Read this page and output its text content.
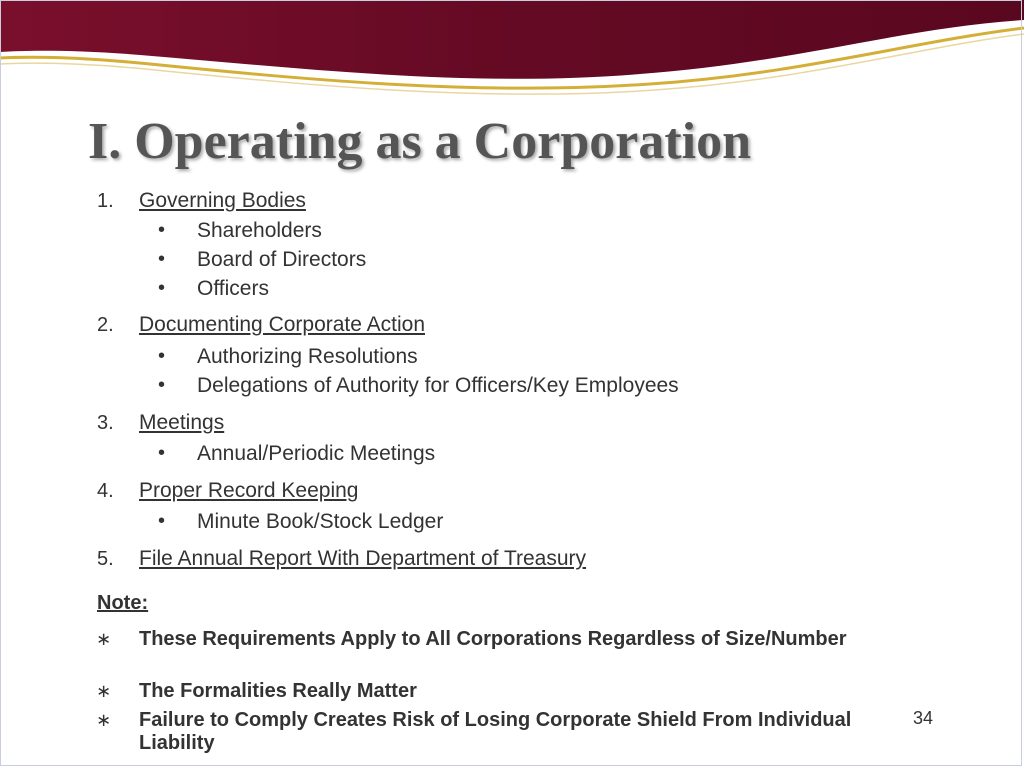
I. Operating as a Corporation
1. Governing Bodies
• Shareholders
• Board of Directors
• Officers
2. Documenting Corporate Action
• Authorizing Resolutions
• Delegations of Authority for Officers/Key Employees
3. Meetings
• Annual/Periodic Meetings
4. Proper Record Keeping
• Minute Book/Stock Ledger
5. File Annual Report With Department of Treasury
Note:
∗ These Requirements Apply to All Corporations Regardless of Size/Number
∗ The Formalities Really Matter
∗ Failure to Comply Creates Risk of Losing Corporate Shield From Individual Liability
34
